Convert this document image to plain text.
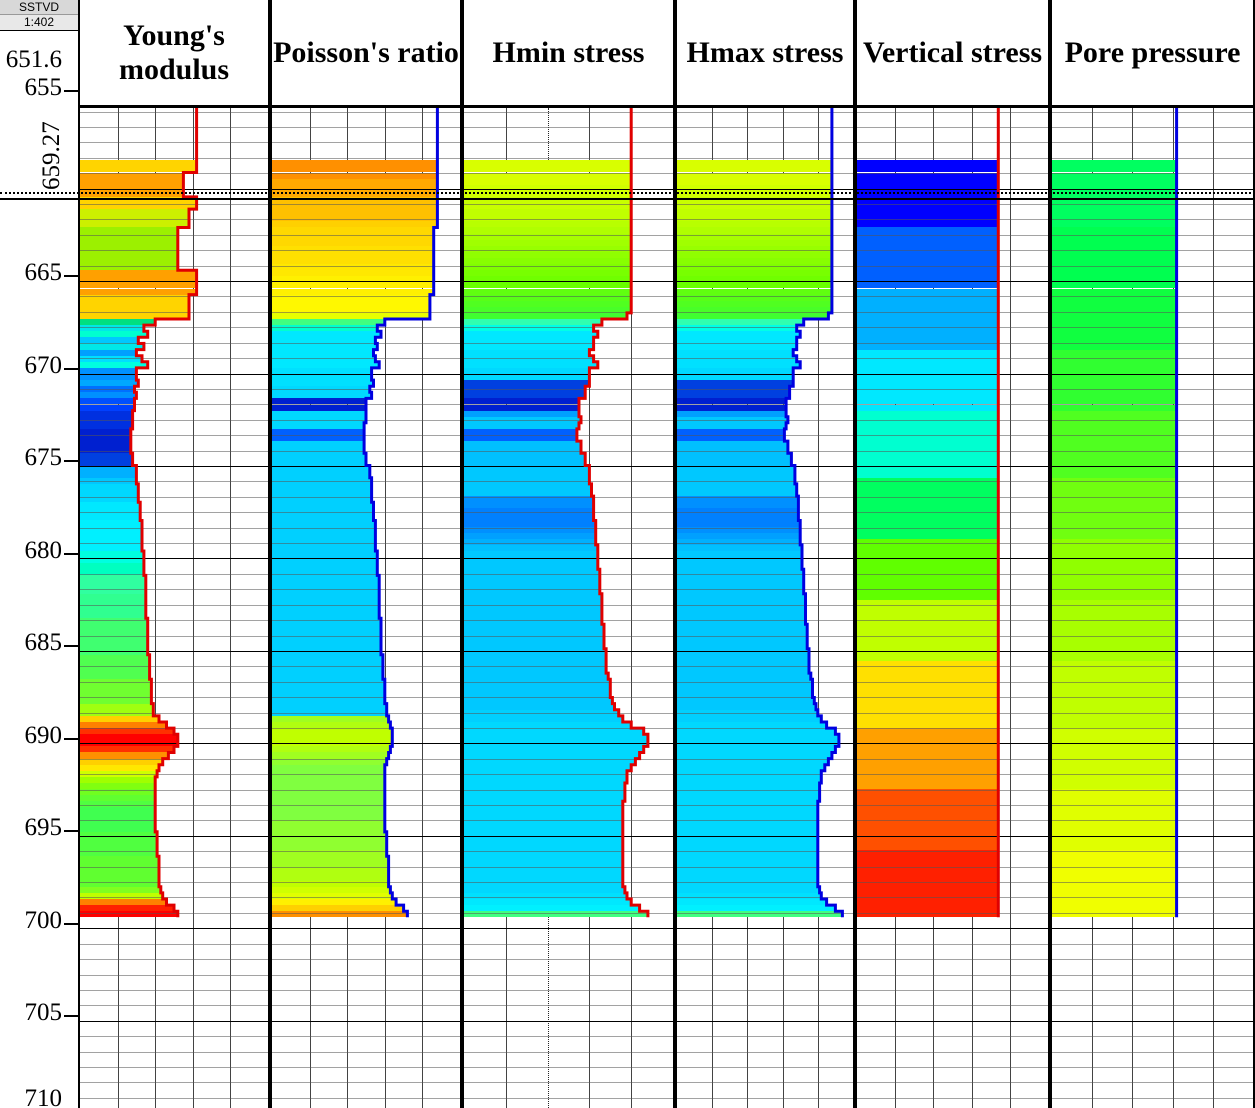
SSTVD
1:402
651.6
655
665
670
675
680
685
690
695
700
705
659.27
710
Young's modulus
Poisson's ratio Hmin stress Hmax stress Vertical stress Pore pressure
